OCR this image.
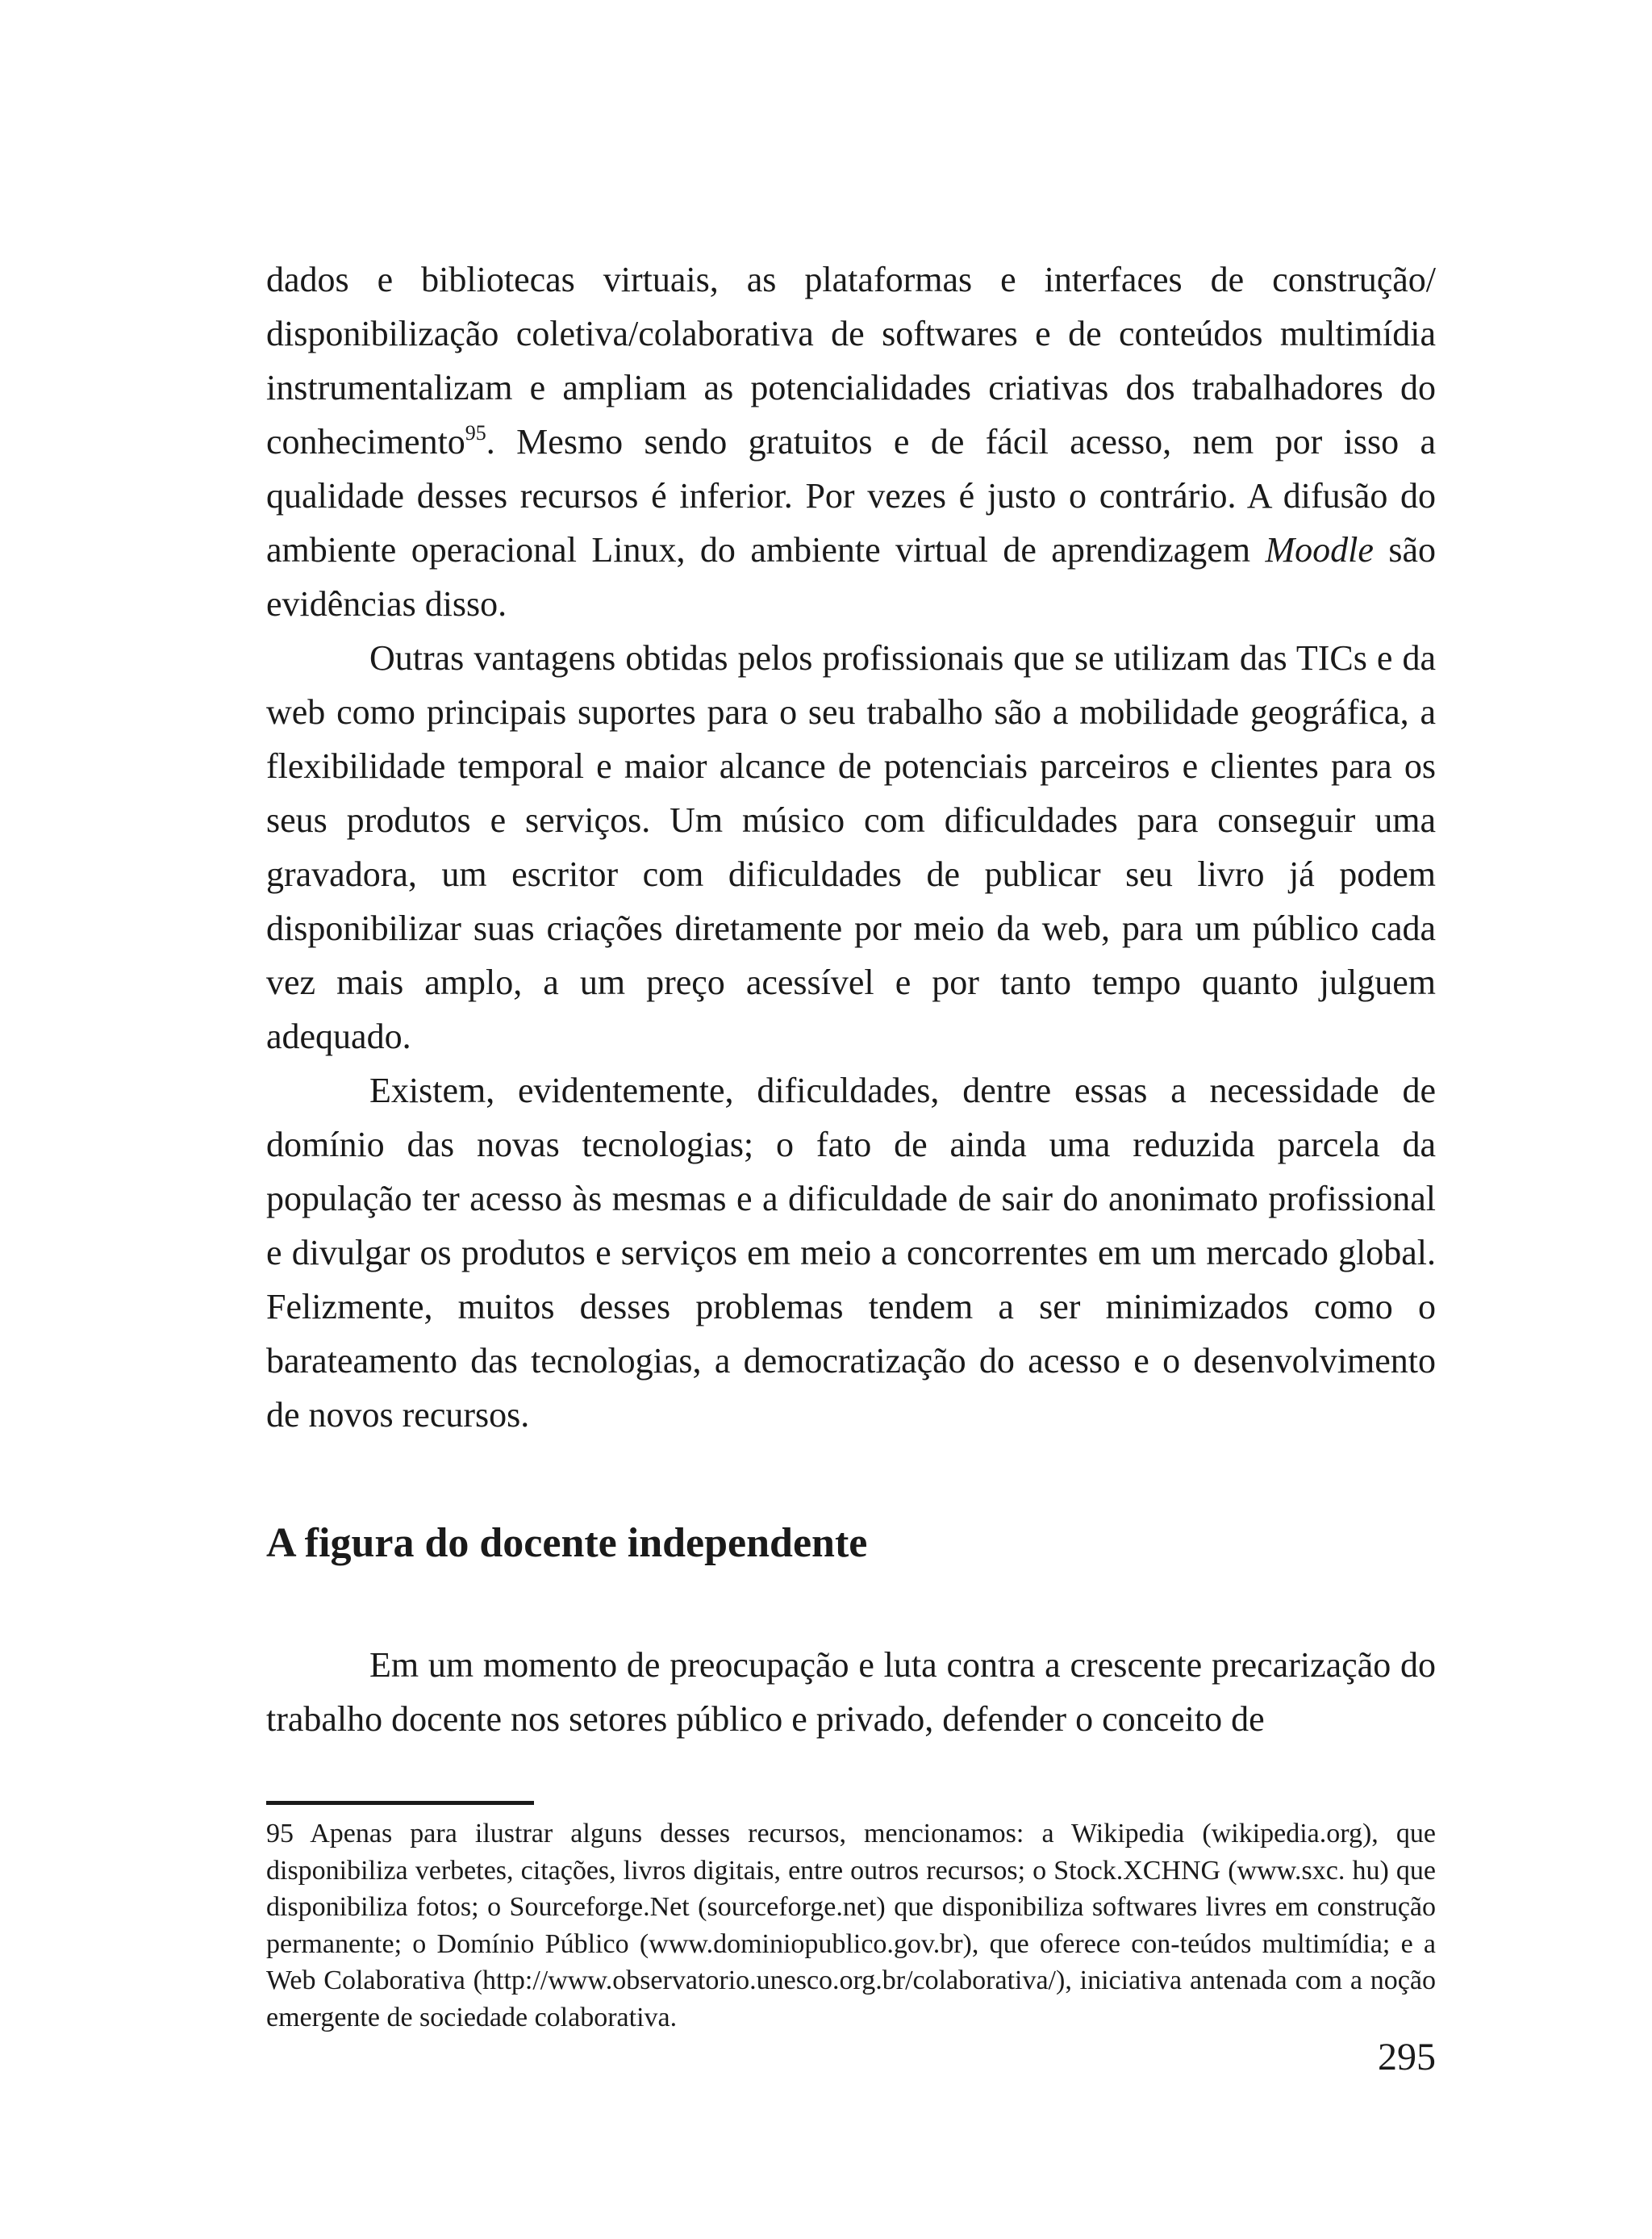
dados e bibliotecas virtuais, as plataformas e interfaces de construção/ disponibilização coletiva/colaborativa de softwares e de conteúdos multimídia instrumentalizam e ampliam as potencialidades criativas dos trabalhadores do conhecimento$^{95}$. Mesmo sendo gratuitos e de fácil acesso, nem por isso a qualidade desses recursos é inferior. Por vezes é justo o contrário. A difusão do ambiente operacional Linux, do ambiente virtual de aprendizagem Moodle são evidências disso.

Outras vantagens obtidas pelos profissionais que se utilizam das TICs e da web como principais suportes para o seu trabalho são a mobilidade geográfica, a flexibilidade temporal e maior alcance de potenciais parceiros e clientes para os seus produtos e serviços. Um músico com dificuldades para conseguir uma gravadora, um escritor com dificuldades de publicar seu livro já podem disponibilizar suas criações diretamente por meio da web, para um público cada vez mais amplo, a um preço acessível e por tanto tempo quanto julguem adequado.

Existem, evidentemente, dificuldades, dentre essas a necessidade de domínio das novas tecnologias; o fato de ainda uma reduzida parcela da população ter acesso às mesmas e a dificuldade de sair do anonimato profissional e divulgar os produtos e serviços em meio a concorrentes em um mercado global. Felizmente, muitos desses problemas tendem a ser minimizados como o barateamento das tecnologias, a democratização do acesso e o desenvolvimento de novos recursos.

A figura do docente independente

Em um momento de preocupação e luta contra a crescente precarização do trabalho docente nos setores público e privado, defender o conceito de

95 Apenas para ilustrar alguns desses recursos, mencionamos: a Wikipedia (wikipedia.org), que disponibiliza verbetes, citações, livros digitais, entre outros recursos; o Stock.XCHNG (www.sxc. hu) que disponibiliza fotos; o Sourceforge.Net (sourceforge.net) que disponibiliza softwares livres em construção permanente; o Domínio Público (www.dominiopublico.gov.br), que oferece con-teúdos multimídia; e a Web Colaborativa (http://www.observatorio.unesco.org.br/colaborativa/), iniciativa antenada com a noção emergente de sociedade colaborativa.

295
